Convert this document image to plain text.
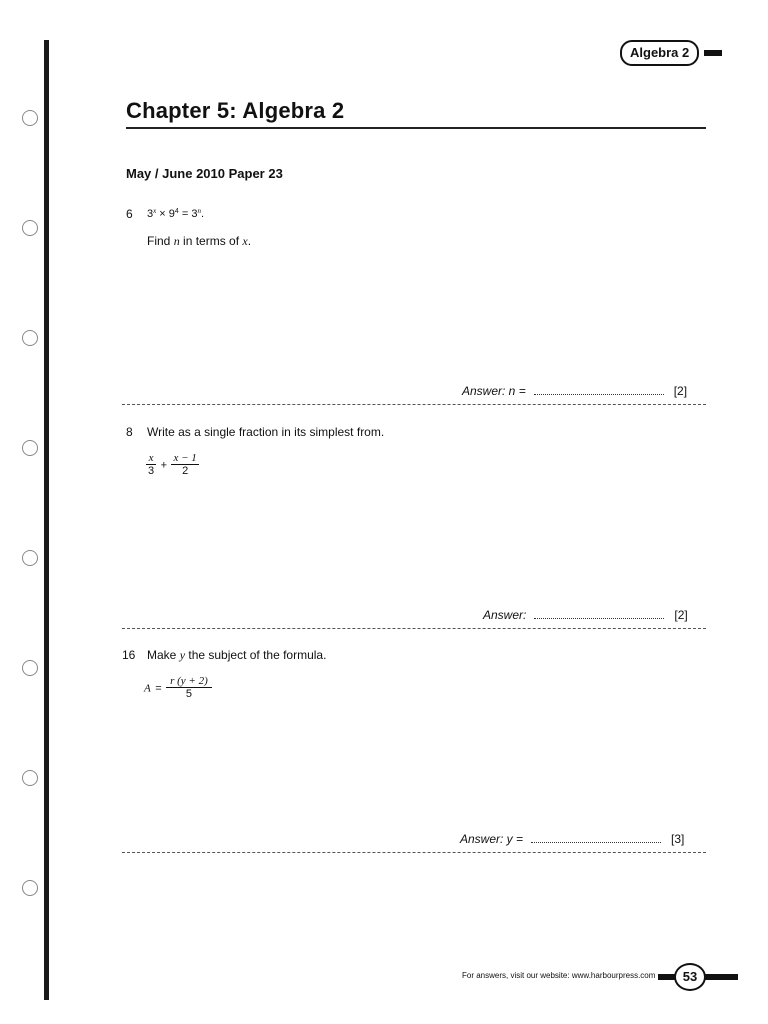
Algebra 2
Chapter 5: Algebra 2
May / June 2010 Paper 23
6 $3^x \times 9^4 = 3^n$.
Find n in terms of x.
Answer: n =	[2]
8 Write as a single fraction in its simplest from.
$\frac{x}{3} + \frac{x - 1}{2}$
Answer:	[2]
16 Make y the subject of the formula.
$A = \frac{r (y + 2)}{5}$
Answer: y =	[3]
For answers, visit our website: www.harbourpress.com	53
